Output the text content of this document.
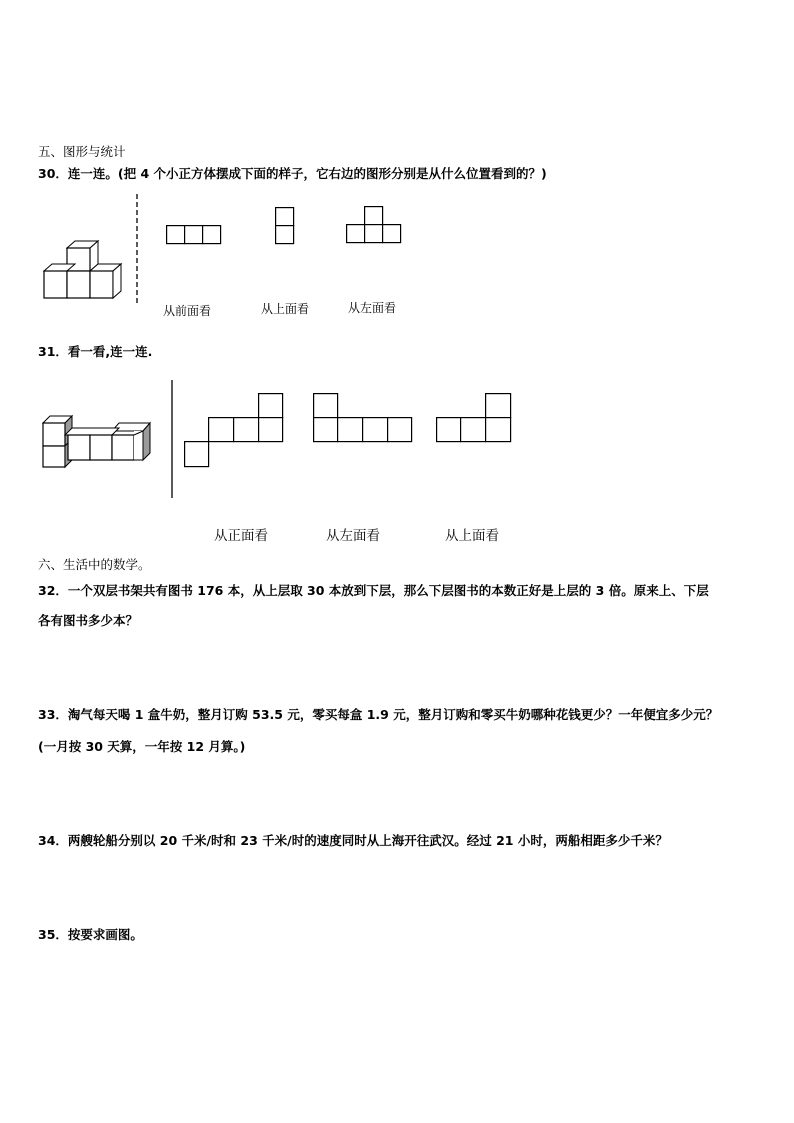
五、图形与统计
30．连一连。(把 4 个小正方体摆成下面的样子，它右边的图形分别是从什么位置看到的？)
从前面看	从上面看	从左面看
31．看一看,连一连.
从正面看	从左面看	从上面看
六、生活中的数学。
32．一个双层书架共有图书 176 本，从上层取 30 本放到下层，那么下层图书的本数正好是上层的 3 倍。原来上、下层
各有图书多少本？
33．淘气每天喝 1 盒牛奶，整月订购 53.5 元，零买每盒 1.9 元，整月订购和零买牛奶哪种花钱更少？一年便宜多少元？
(一月按 30 天算，一年按 12 月算。)
34．两艘轮船分别以 20 千米/时和 23 千米/时的速度同时从上海开往武汉。经过 21 小时，两船相距多少千米？
35．按要求画图。
